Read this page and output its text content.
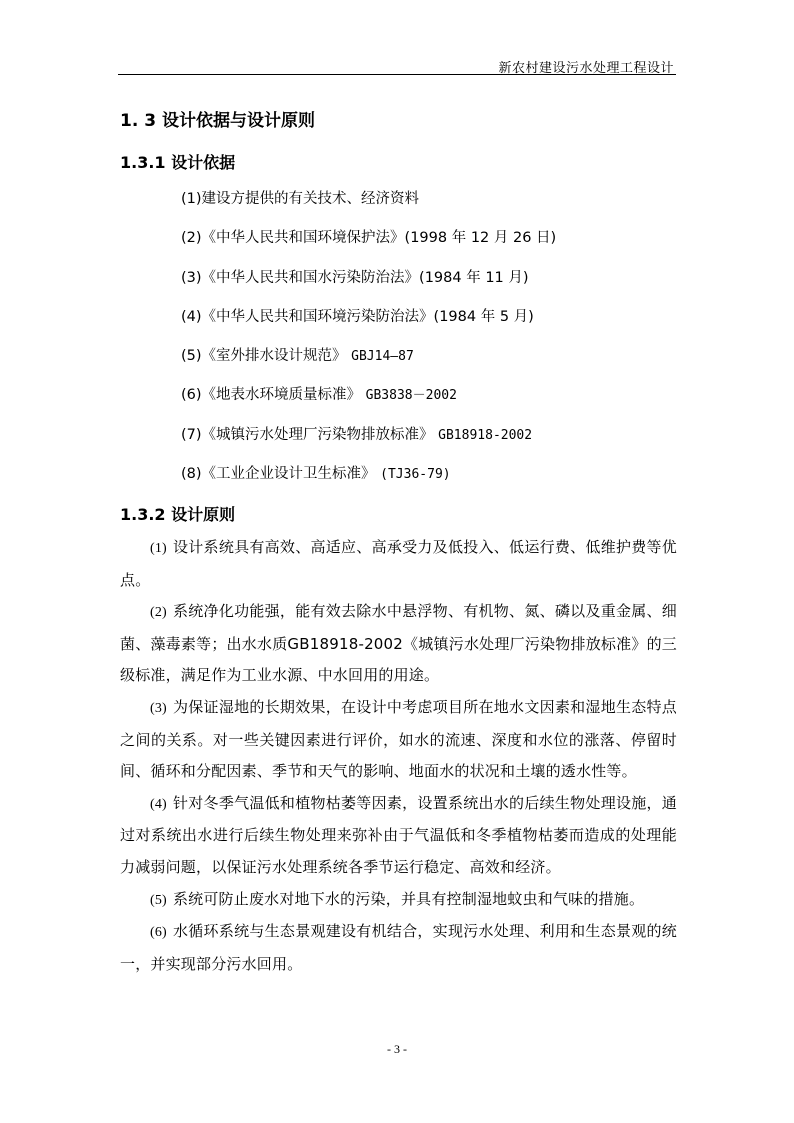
新农村建设污水处理工程设计
1. 3 设计依据与设计原则
1.3.1 设计依据
(1)建设方提供的有关技术、经济资料
(2)《中华人民共和国环境保护法》(1998 年 12 月 26 日)
(3)《中华人民共和国水污染防治法》(1984 年 11 月)
(4)《中华人民共和国环境污染防治法》(1984 年 5 月)
(5)《室外排水设计规范》 GBJ14—87
(6)《地表水环境质量标准》 GB3838－2002
(7)《城镇污水处理厂污染物排放标准》 GB18918-2002
(8)《工业企业设计卫生标准》 (TJ36-79)
1.3.2 设计原则

(1) 设计系统具有高效、高适应、高承受力及低投入、低运行费、低维护费等优点。

(2) 系统净化功能强，能有效去除水中悬浮物、有机物、氮、磷以及重金属、细菌、藻毒素等；出水水质GB18918-2002《城镇污水处理厂污染物排放标准》的三级标准，满足作为工业水源、中水回用的用途。

(3) 为保证湿地的长期效果，在设计中考虑项目所在地水文因素和湿地生态特点之间的关系。对一些关键因素进行评价，如水的流速、深度和水位的涨落、停留时间、循环和分配因素、季节和天气的影响、地面水的状况和土壤的透水性等。

(4) 针对冬季气温低和植物枯萎等因素，设置系统出水的后续生物处理设施，通过对系统出水进行后续生物处理来弥补由于气温低和冬季植物枯萎而造成的处理能力减弱问题，以保证污水处理系统各季节运行稳定、高效和经济。

(5) 系统可防止废水对地下水的污染，并具有控制湿地蚊虫和气味的措施。

(6) 水循环系统与生态景观建设有机结合，实现污水处理、利用和生态景观的统一，并实现部分污水回用。

- 3 -
